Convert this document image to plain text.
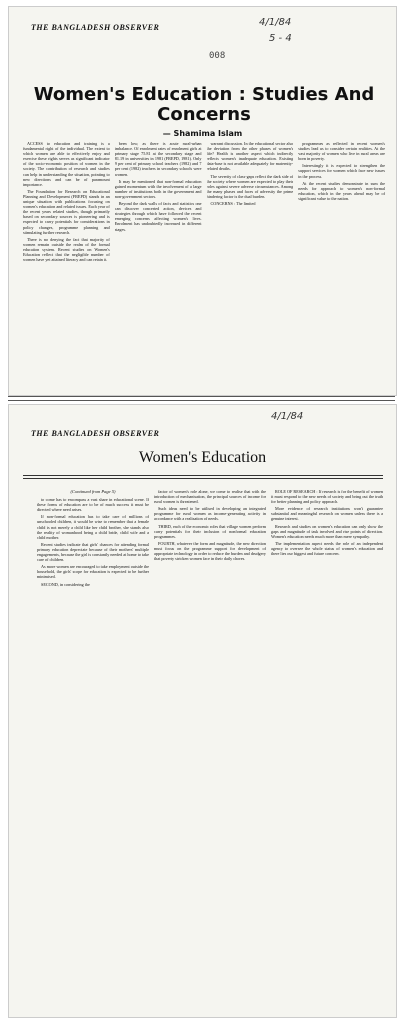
THE BANGLADESH OBSERVER	4/1/84
5 - 4
008
Women's Education : Studies And Concerns
— Shamima Islam

ACCESS to education and training is a fundamental right of the individual. The extent to which women are able to effectively enjoy and exercise these rights serves as significant indicator of the socio-economic position of women in the society. The contribution of research and studies can help in understanding the situation, pointing to new directions and can be of paramount importance.

The Foundation for Research on Educational Planning and Development (FREPD) stands in an unique situation with publications focusing on women's education and related issues. Each year of the recent years related studies, though primarily based on secondary sources is pioneering and is expected to carry potentials for considerations in policy changes, programme planning and stimulating further research.

There is no denying the fact that majority of women remain outside the realm of the formal education system. Recent studies on Women's Education reflect that the negligible number of women have yet attained literacy and can retain it.

been low; as there is acute rural-urban imbalance. Of enrolment rates of enrolment girls at primary stage 75.81 at the secondary stage and 81.19 in universities in 1981 (FREPD, 1981). Only 9 per cent of primary school teachers (1982) and 7 per cent (1982) teachers in secondary schools were women.

It may be mentioned that non-formal education gained momentum with the involvement of a large number of institutions both in the government and non-government sectors.

Beyond the dark walls of facts and statistics one can discover concerted action, devices and strategies through which have followed the recent emerging concerns affecting women's lives. Enrolment has undoubtedly increased in different stages.

warrant discussion. In the educational sector also the deviation from the other phases of women's life? Health is another aspect which indirectly reflects women's inadequate education. Existing data-base is not available adequately for maternity-related deaths.

The severity of class-gaps reflect the dark side of the society where women are expected to play their roles against severe adverse circumstances. Among the many phases and faces of adversity the prime hindering factor is the dual burden.

CONCERNS : The limited

programmes as reflected in recent women's studies lead us to consider certain realities. At the vast majority of women who live in rural areas are born in poverty.

Interestingly it is expected to strengthen the support services for women which face new issues in the process.

At the recent studies demonstrate in sum the needs for approach to women's non-formal education, which in the years ahead may be of significant value to the nation.

THE BANGLADESH OBSERVER
4/1/84
Women's Education
(Continued from Page 5)

to come has to encompass a vast share in educational scene. If these forms of education are to be of much success it must be directed where need arises.

If non-formal education has to take care of millions of unschooled children, it would be wise to remember that a female child is not merely a child like her child brother, she stands also the reality of womanhood being a child bride, child wife and a child mother.

Recent studies indicate that girls' chances for attending formal primary education depreciate because of their mothers' multiple engagements, because the girl is constantly needed at home to take care of children.

As more women are encouraged to take employment outside the household, the girls' scope for education is expected to be further minimised.

SECOND, in considering the

factor of women's role alone, we come to realise that with the introduction of mechanisation, the principal sources of income for rural women is threatened.

Such ideas need to be utilised in developing an integrated programme for rural women as income-generating activity in accordance with a realisation of needs.

THIRD, each of the economic roles that village women perform carry potentials for their inclusion of nonformal education programmes.

FOURTH, whatever the form and magnitude, the new direction must focus on the programme support for development of appropriate technology in order to reduce the burden and drudgery that poverty stricken women face in their daily chores.

ROLE OF RESEARCH : If research is for the benefit of women it must respond to the new needs of society and bring out the truth for better planning and policy approach.

More evidence of research institutions won't guarantee substantial and meaningful research on women unless there is a genuine interest.

Research and studies on women's education can only show the gaps and magnitude of task involved and rise points of direction. Women's education needs much more than mere sympathy.

The implementation aspect needs the role of an independent agency to oversee the whole status of women's education and there lies our biggest and future concern.
